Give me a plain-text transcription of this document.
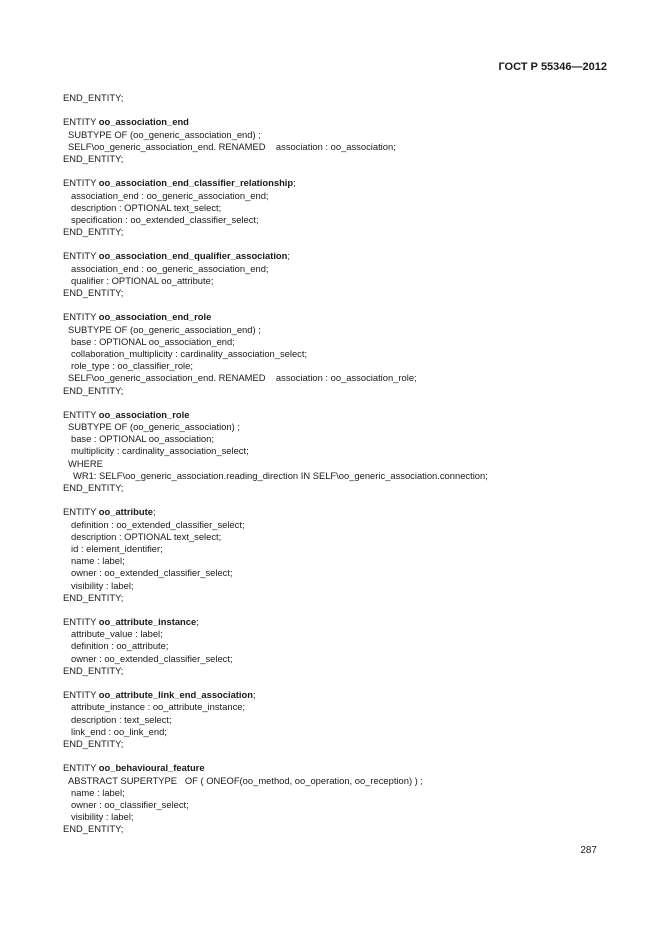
ГОСТ Р 55346—2012
END_ENTITY;
ENTITY oo_association_end
SUBTYPE OF (oo_generic_association_end) ;
SELF\oo_generic_association_end. RENAMED    association : oo_association;
END_ENTITY;
ENTITY oo_association_end_classifier_relationship;
association_end : oo_generic_association_end;
description : OPTIONAL text_select;
specification : oo_extended_classifier_select;
END_ENTITY;
ENTITY oo_association_end_qualifier_association;
association_end : oo_generic_association_end;
qualifier : OPTIONAL oo_attribute;
END_ENTITY;
ENTITY oo_association_end_role
SUBTYPE OF (oo_generic_association_end) ;
base : OPTIONAL oo_association_end;
collaboration_multiplicity : cardinality_association_select;
role_type : oo_classifier_role;
SELF\oo_generic_association_end. RENAMED    association : oo_association_role;
END_ENTITY;
ENTITY oo_association_role
SUBTYPE OF (oo_generic_association) ;
base : OPTIONAL oo_association;
multiplicity : cardinality_association_select;
WHERE
WR1: SELF\oo_generic_association.reading_direction IN SELF\oo_generic_association.connection;
END_ENTITY;
ENTITY oo_attribute;
definition : oo_extended_classifier_select;
description : OPTIONAL text_select;
id : element_identifier;
name : label;
owner : oo_extended_classifier_select;
visibility : label;
END_ENTITY;
ENTITY oo_attribute_instance;
attribute_value : label;
definition : oo_attribute;
owner : oo_extended_classifier_select;
END_ENTITY;
ENTITY oo_attribute_link_end_association;
attribute_instance : oo_attribute_instance;
description : text_select;
link_end : oo_link_end;
END_ENTITY;
ENTITY oo_behavioural_feature
ABSTRACT SUPERTYPE   OF ( ONEOF(oo_method, oo_operation, oo_reception) ) ;
name : label;
owner : oo_classifier_select;
visibility : label;
END_ENTITY;
287
